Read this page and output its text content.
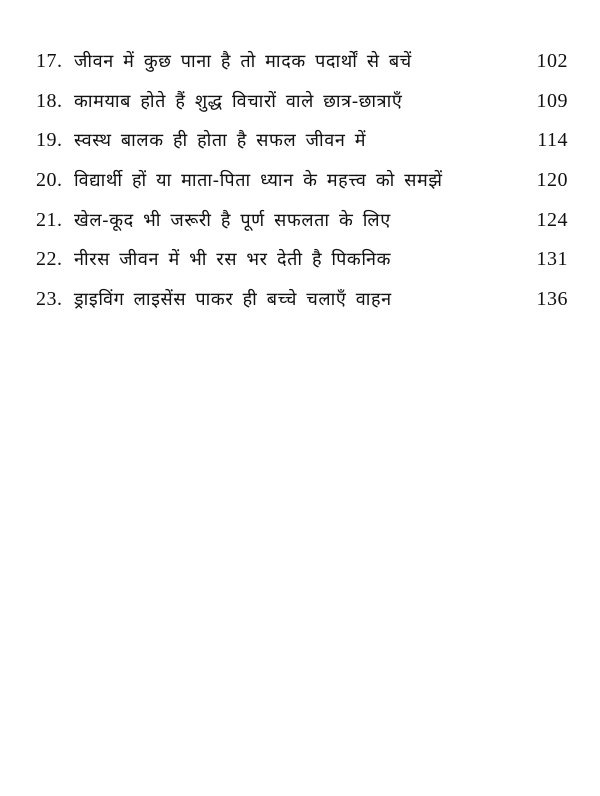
17. जीवन में कुछ पाना है तो मादक पदार्थों से बचें	102
18. कामयाब होते हैं शुद्ध विचारों वाले छात्र-छात्राएँ	109
19. स्वस्थ बालक ही होता है सफल जीवन में	114
20. विद्यार्थी हों या माता-पिता ध्यान के महत्त्व को समझें	120
21. खेल-कूद भी जरूरी है पूर्ण सफलता के लिए	124
22. नीरस जीवन में भी रस भर देती है पिकनिक	131
23. ड्राइविंग लाइसेंस पाकर ही बच्चे चलाएँ वाहन	136
